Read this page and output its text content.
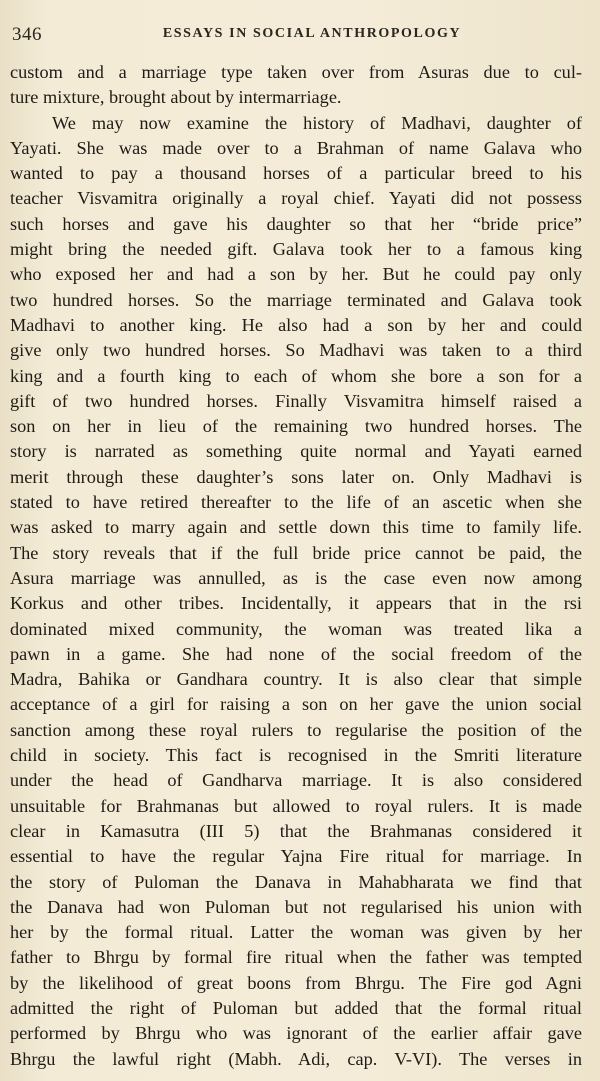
346	ESSAYS IN SOCIAL ANTHROPOLOGY
custom and a marriage type taken over from Asuras due to cul-
ture mixture, brought about by intermarriage.
We may now examine the history of Madhavi, daughter of
Yayati. She was made over to a Brahman of name Galava who
wanted to pay a thousand horses of a particular breed to his
teacher Visvamitra originally a royal chief. Yayati did not possess
such horses and gave his daughter so that her “bride price”
might bring the needed gift. Galava took her to a famous king
who exposed her and had a son by her. But he could pay only
two hundred horses. So the marriage terminated and Galava took
Madhavi to another king. He also had a son by her and could
give only two hundred horses. So Madhavi was taken to a third
king and a fourth king to each of whom she bore a son for a
gift of two hundred horses. Finally Visvamitra himself raised a
son on her in lieu of the remaining two hundred horses. The
story is narrated as something quite normal and Yayati earned
merit through these daughter’s sons later on. Only Madhavi is
stated to have retired thereafter to the life of an ascetic when she
was asked to marry again and settle down this time to family life.
The story reveals that if the full bride price cannot be paid, the
Asura marriage was annulled, as is the case even now among
Korkus and other tribes. Incidentally, it appears that in the rsi
dominated mixed community, the woman was treated lika a
pawn in a game. She had none of the social freedom of the
Madra, Bahika or Gandhara country. It is also clear that simple
acceptance of a girl for raising a son on her gave the union social
sanction among these royal rulers to regularise the position of the
child in society. This fact is recognised in the Smriti literature
under the head of Gandharva marriage. It is also considered
unsuitable for Brahmanas but allowed to royal rulers. It is made
clear in Kamasutra (III 5) that the Brahmanas considered it
essential to have the regular Yajna Fire ritual for marriage. In
the story of Puloman the Danava in Mahabharata we find that
the Danava had won Puloman but not regularised his union with
her by the formal ritual. Latter the woman was given by her
father to Bhrgu by formal fire ritual when the father was tempted
by the likelihood of great boons from Bhrgu. The Fire god Agni
admitted the right of Puloman but added that the formal ritual
performed by Bhrgu who was ignorant of the earlier affair gave
Bhrgu the lawful right (Mabh. Adi, cap. V-VI). The verses in
